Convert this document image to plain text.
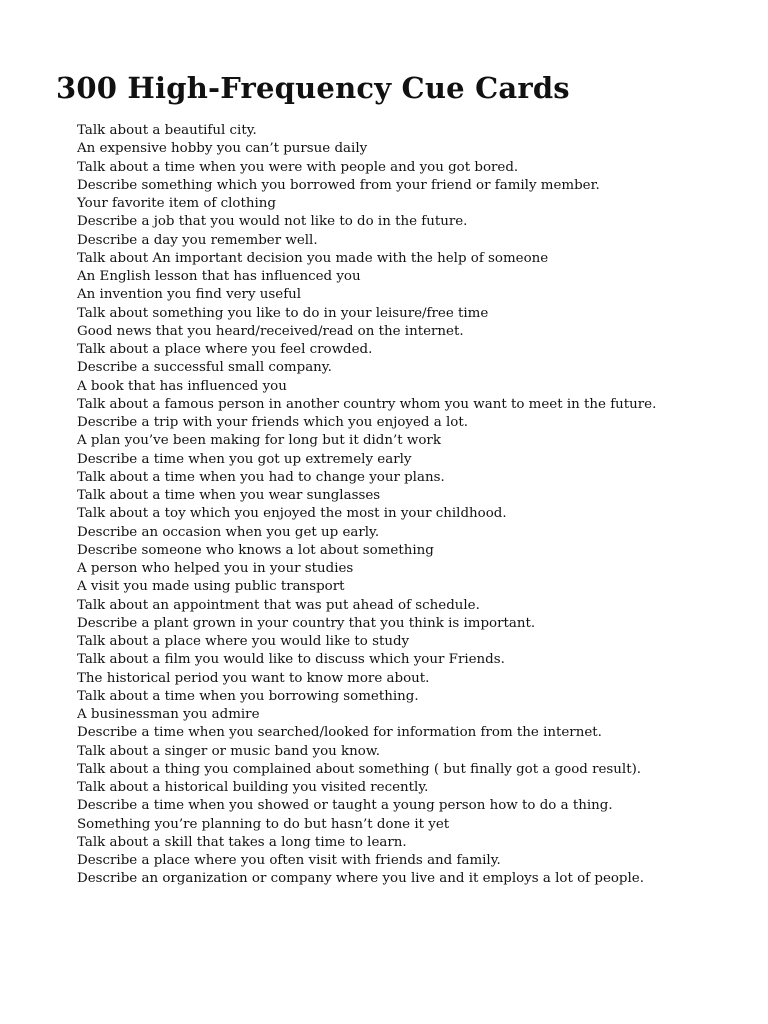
300 High-Frequency Cue Cards
Talk about a beautiful city.
An expensive hobby you can’t pursue daily
Talk about a time when you were with people and you got bored.
Describe something which you borrowed from your friend or family member.
Your favorite item of clothing
Describe a job that you would not like to do in the future.
Describe a day you remember well.
Talk about An important decision you made with the help of someone
An English lesson that has influenced you
An invention you find very useful
Talk about something you like to do in your leisure/free time
Good news that you heard/received/read on the internet.
Talk about a place where you feel crowded.
Describe a successful small company.
A book that has influenced you
Talk about a famous person in another country whom you want to meet in the future.
Describe a trip with your friends which you enjoyed a lot.
A plan you’ve been making for long but it didn’t work
Describe a time when you got up extremely early
Talk about a time when you had to change your plans.
Talk about a time when you wear sunglasses
Talk about a toy which you enjoyed the most in your childhood.
Describe an occasion when you get up early.
Describe someone who knows a lot about something
A person who helped you in your studies
A visit you made using public transport
Talk about an appointment that was put ahead of schedule.
Describe a plant grown in your country that you think is important.
Talk about a place where you would like to study
Talk about a film you would like to discuss which your Friends.
The historical period you want to know more about.
Talk about a time when you borrowing something.
A businessman you admire
Describe a time when you searched/looked for information from the internet.
Talk about a singer or music band you know.
Talk about a thing you complained about something ( but finally got a good result).
Talk about a historical building you visited recently.
Describe a time when you showed or taught a young person how to do a thing.
Something you’re planning to do but hasn’t done it yet
Talk about a skill that takes a long time to learn.
Describe a place where you often visit with friends and family.
Describe an organization or company where you live and it employs a lot of people.
